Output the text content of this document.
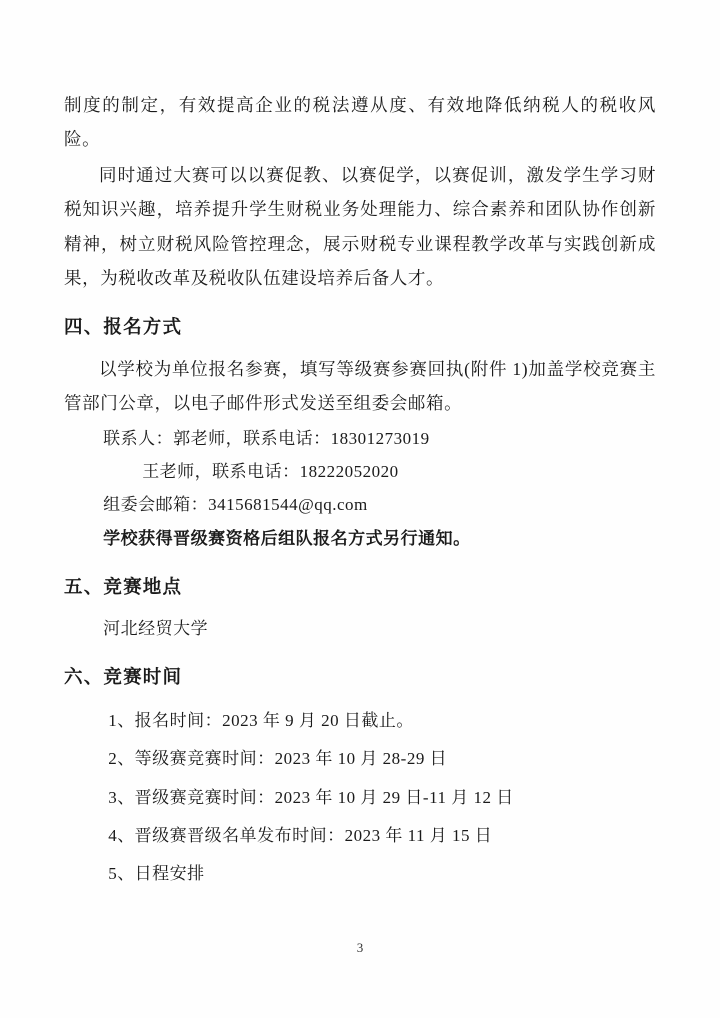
制度的制定，有效提高企业的税法遵从度、有效地降低纳税人的税收风险。

同时通过大赛可以以赛促教、以赛促学，以赛促训，激发学生学习财税知识兴趣，培养提升学生财税业务处理能力、综合素养和团队协作创新精神，树立财税风险管控理念，展示财税专业课程教学改革与实践创新成果，为税收改革及税收队伍建设培养后备人才。

四、报名方式

以学校为单位报名参赛，填写等级赛参赛回执(附件 1)加盖学校竞赛主管部门公章，以电子邮件形式发送至组委会邮箱。

联系人：郭老师，联系电话：18301273019

王老师，联系电话：18222052020

组委会邮箱：3415681544@qq.com

学校获得晋级赛资格后组队报名方式另行通知。

五、竞赛地点

河北经贸大学

六、竞赛时间

1、报名时间：2023 年 9 月 20 日截止。

2、等级赛竞赛时间：2023 年 10 月 28-29 日

3、晋级赛竞赛时间：2023 年 10 月 29 日-11 月 12 日

4、晋级赛晋级名单发布时间：2023 年 11 月 15 日

5、日程安排

3
